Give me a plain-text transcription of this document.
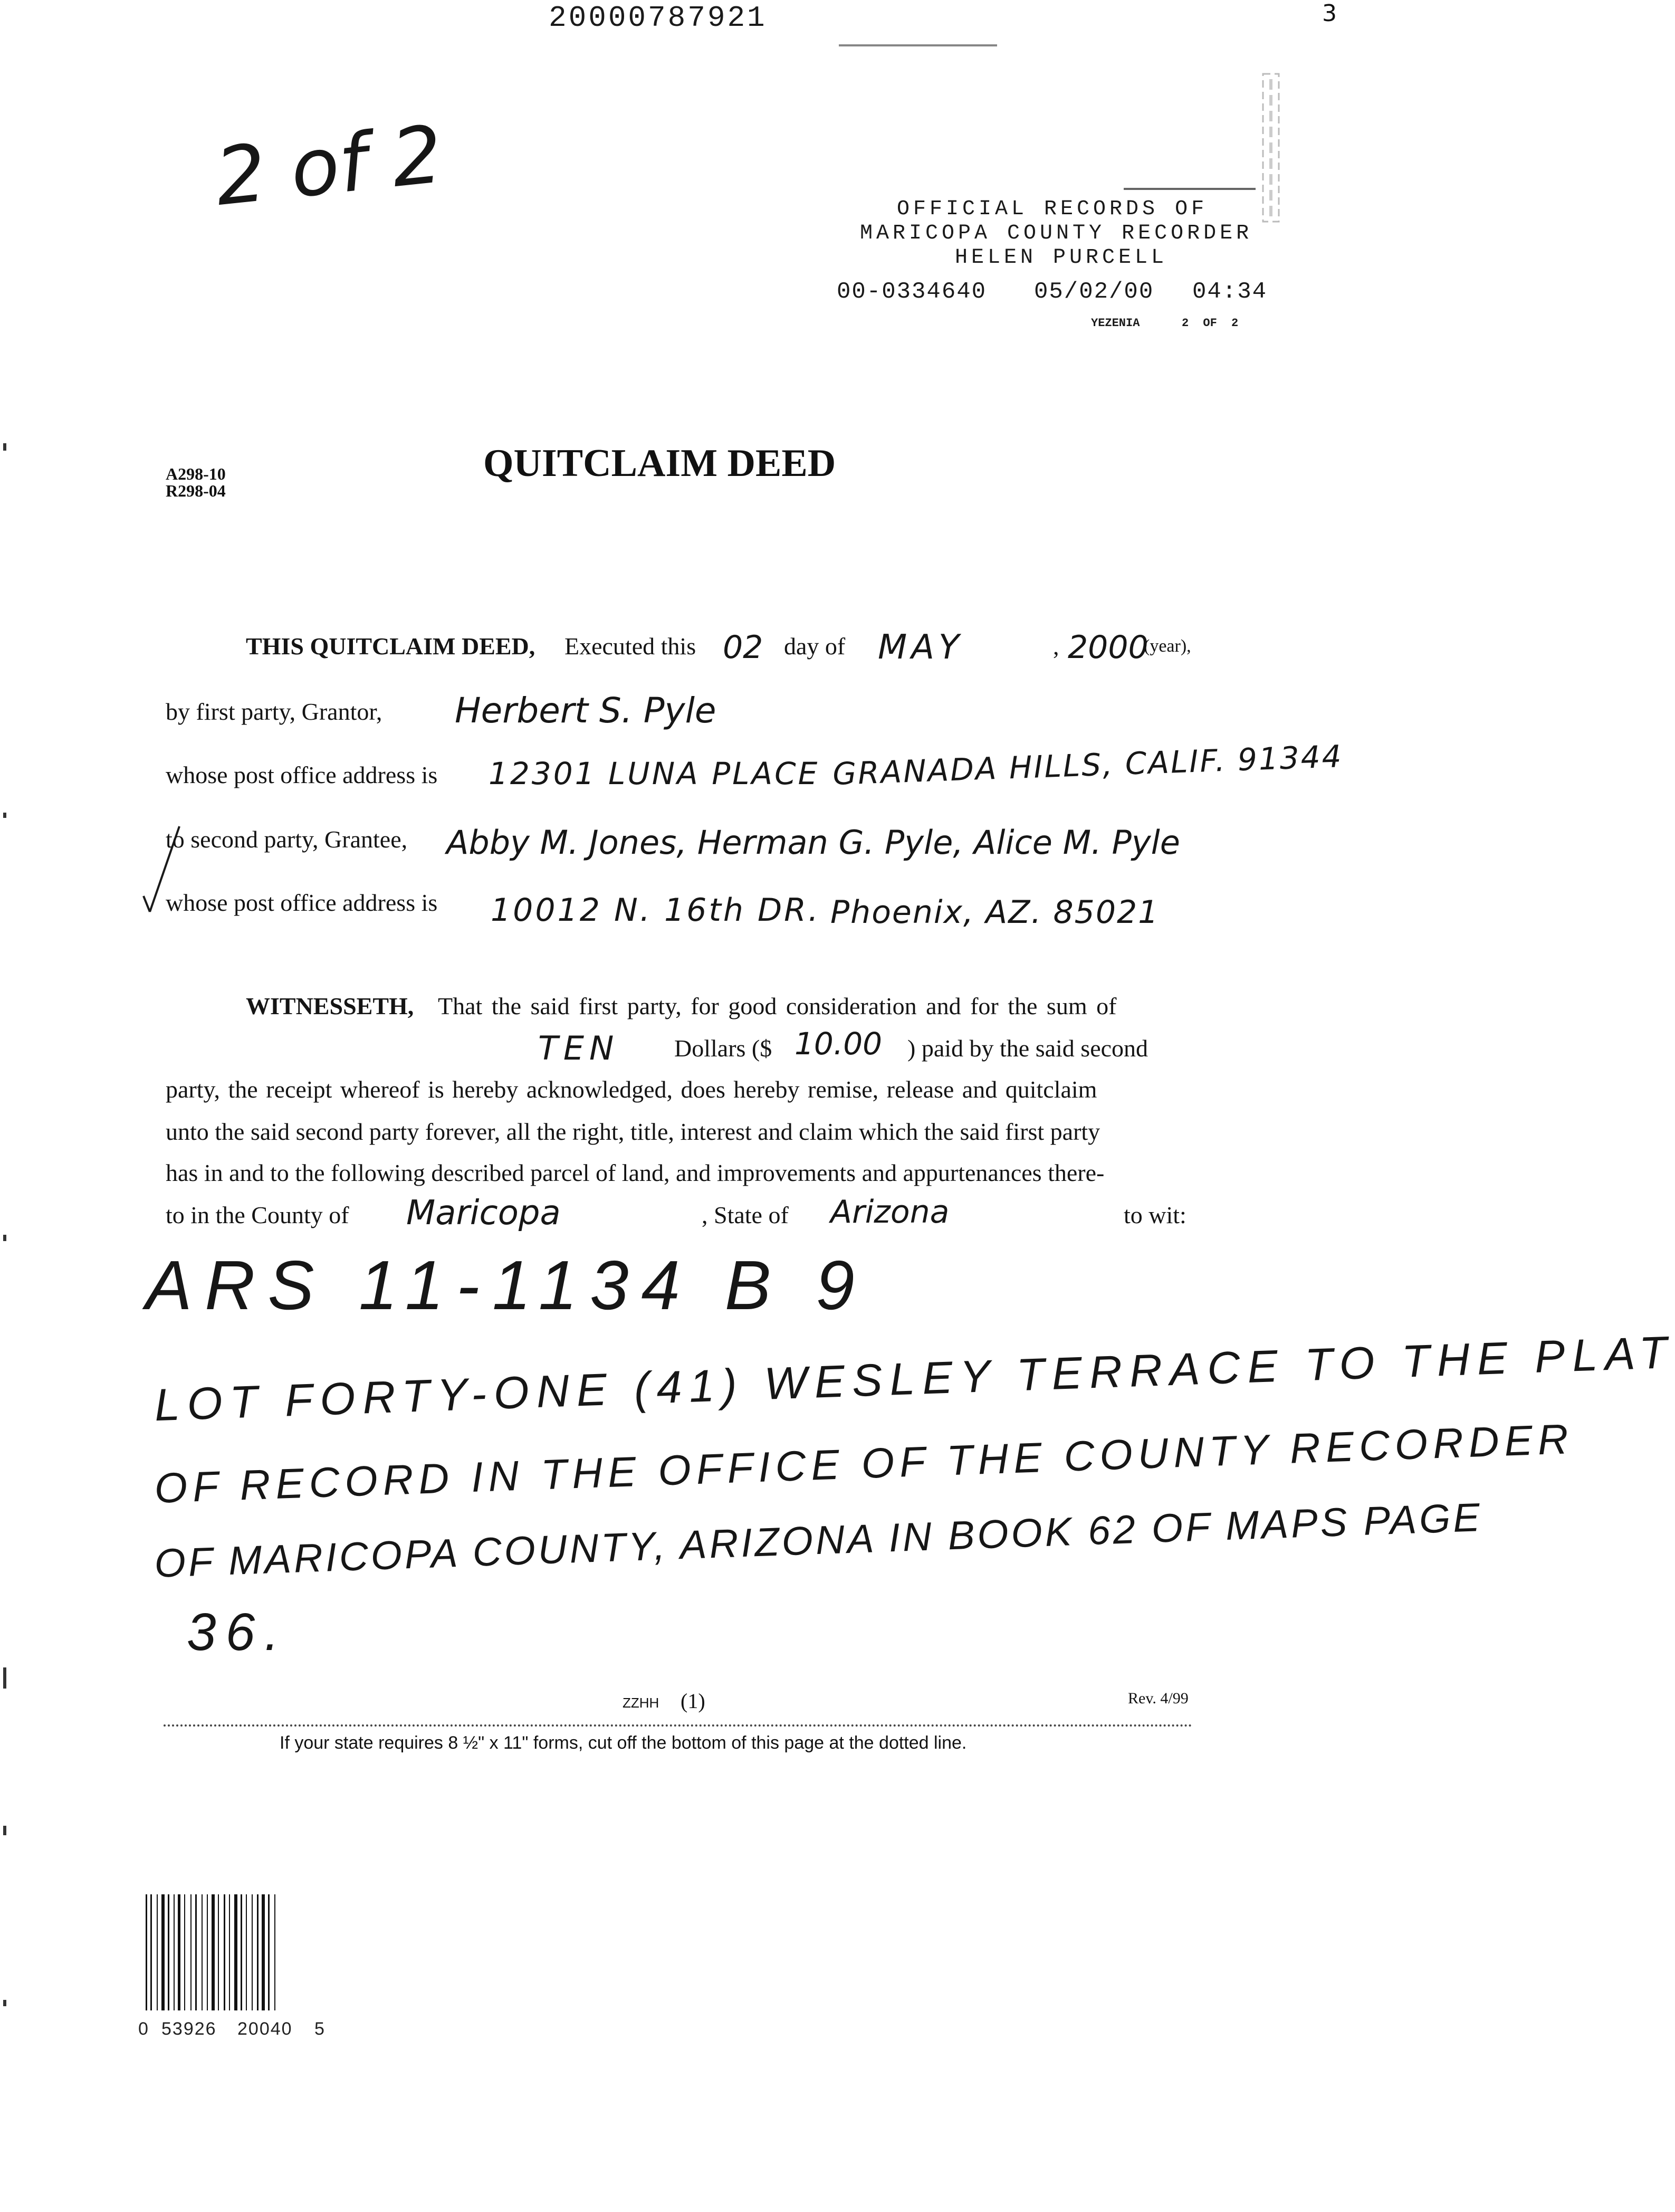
20000787921	3
2 of 2	OFFICIAL RECORDS OF
MARICOPA COUNTY RECORDER
HELEN PURCELL
00-0334640 05/02/00 04:34
YEZENIA	2 OF 2
A298-10
R298-04
QUITCLAIM DEED
THIS QUITCLAIM DEED, Executed this 02 day of MAY	, 2000
(year),
by first party, Grantor, Herbert S. Pyle
whose post office address is 12301 LUNA PLACE GRANADA HILLS, CALIF. 91344
to second party, Grantee, Abby M. Jones, Herman G. Pyle, Alice M. Pyle
whose post office address is 10012 N. 16th DR. Phoenix, AZ. 85021
WITNESSETH, That the said first party, for good consideration and for the sum of
TEN Dollars ($ 10.00 ) paid by the said second
party, the receipt whereof is hereby acknowledged, does hereby remise, release and quitclaim
unto the said second party forever, all the right, title, interest and claim which the said first party
has in and to the following described parcel of land, and improvements and appurtenances there-
to in the County of Maricopa	, State of Arizona	to wit:
ARS 11-1134 B 9
LOT FORTY-ONE (41) WESLEY TERRACE TO THE PLAT
OF RECORD IN THE OFFICE OF THE COUNTY RECORDER
OF MARICOPA COUNTY, ARIZONA IN BOOK 62 OF MAPS PAGE
36.
ZZHH (1)	Rev. 4/99
If your state requires 8 ½" x 11" forms, cut off the bottom of this page at the dotted line.
0 53926 20040 5
